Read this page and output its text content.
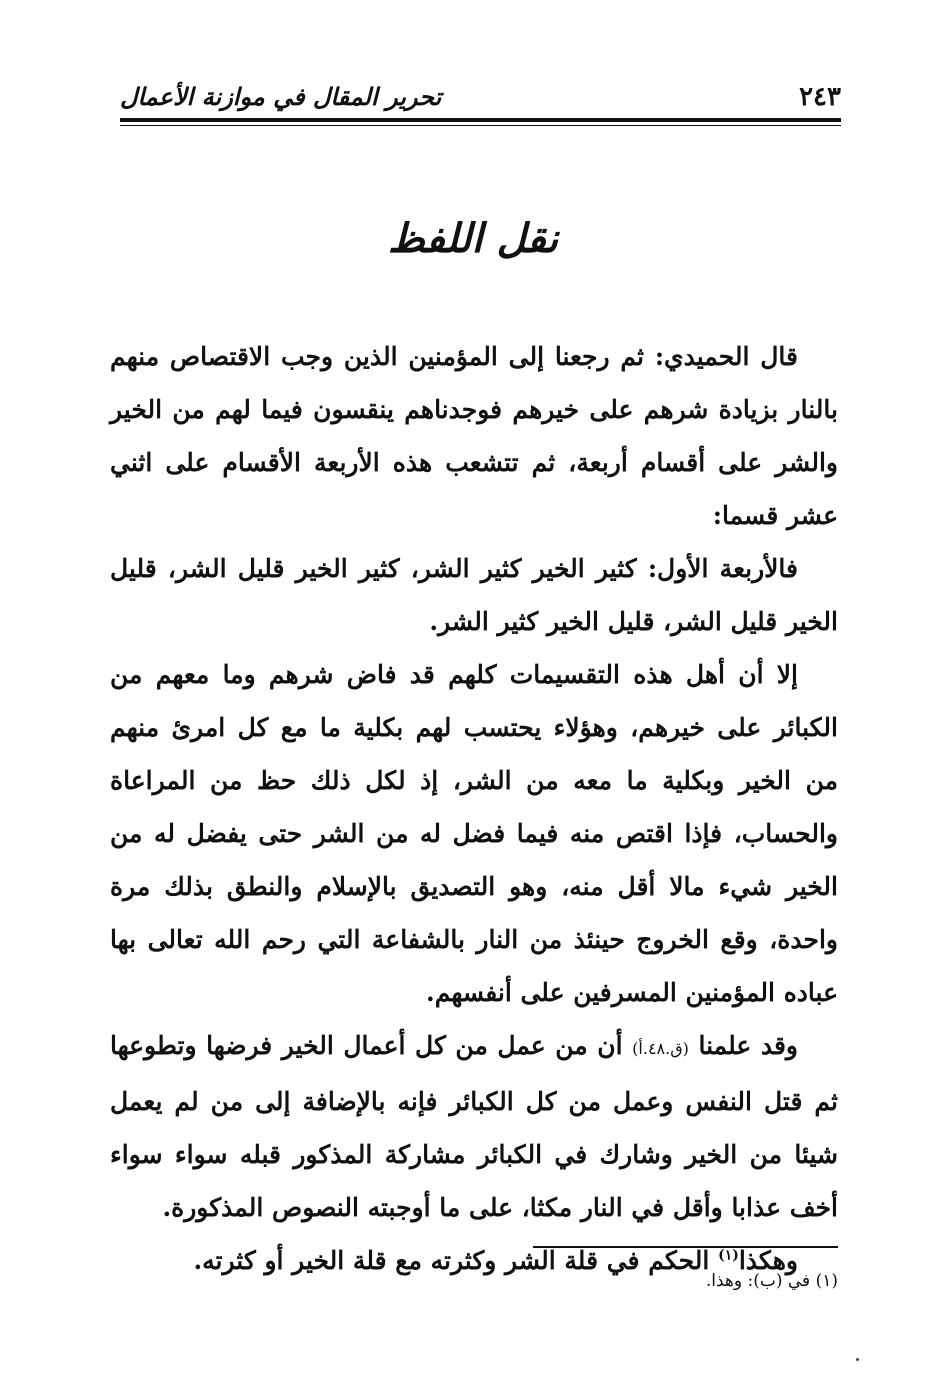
٢٤٣
تحرير المقال في موازنة الأعمال
نقل اللفظ

قال الحميدي: ثم رجعنا إلى المؤمنين الذين وجب الاقتصاص منهم بالنار بزيادة شرهم على خيرهم فوجدناهم ينقسون فيما لهم من الخير والشر على أقسام أربعة، ثم تتشعب هذه الأربعة الأقسام على اثني عشر قسما:

فالأربعة الأول: كثير الخير كثير الشر، كثير الخير قليل الشر، قليل الخير قليل الشر، قليل الخير كثير الشر.

إلا أن أهل هذه التقسيمات كلهم قد فاض شرهم وما معهم من الكبائر على خيرهم، وهؤلاء يحتسب لهم بكلية ما مع كل امرئ منهم من الخير وبكلية ما معه من الشر، إذ لكل ذلك حظ من المراعاة والحساب، فإذا اقتص منه فيما فضل له من الشر حتى يفضل له من الخير شيء مالا أقل منه، وهو التصديق بالإسلام والنطق بذلك مرة واحدة، وقع الخروج حينئذ من النار بالشفاعة التي رحم الله تعالى بها عباده المؤمنين المسرفين على أنفسهم.

وقد علمنا (ق.٤٨.أ) أن من عمل من كل أعمال الخير فرضها وتطوعها ثم قتل النفس وعمل من كل الكبائر فإنه بالإضافة إلى من لم يعمل شيئا من الخير وشارك في الكبائر مشاركة المذكور قبله سواء سواء أخف عذابا وأقل في النار مكثا، على ما أوجبته النصوص المذكورة.

وهكذا$^{(١)}$ الحكم في قلة الشر وكثرته مع قلة الخير أو كثرته.

(١) في (ب): وهذا.
